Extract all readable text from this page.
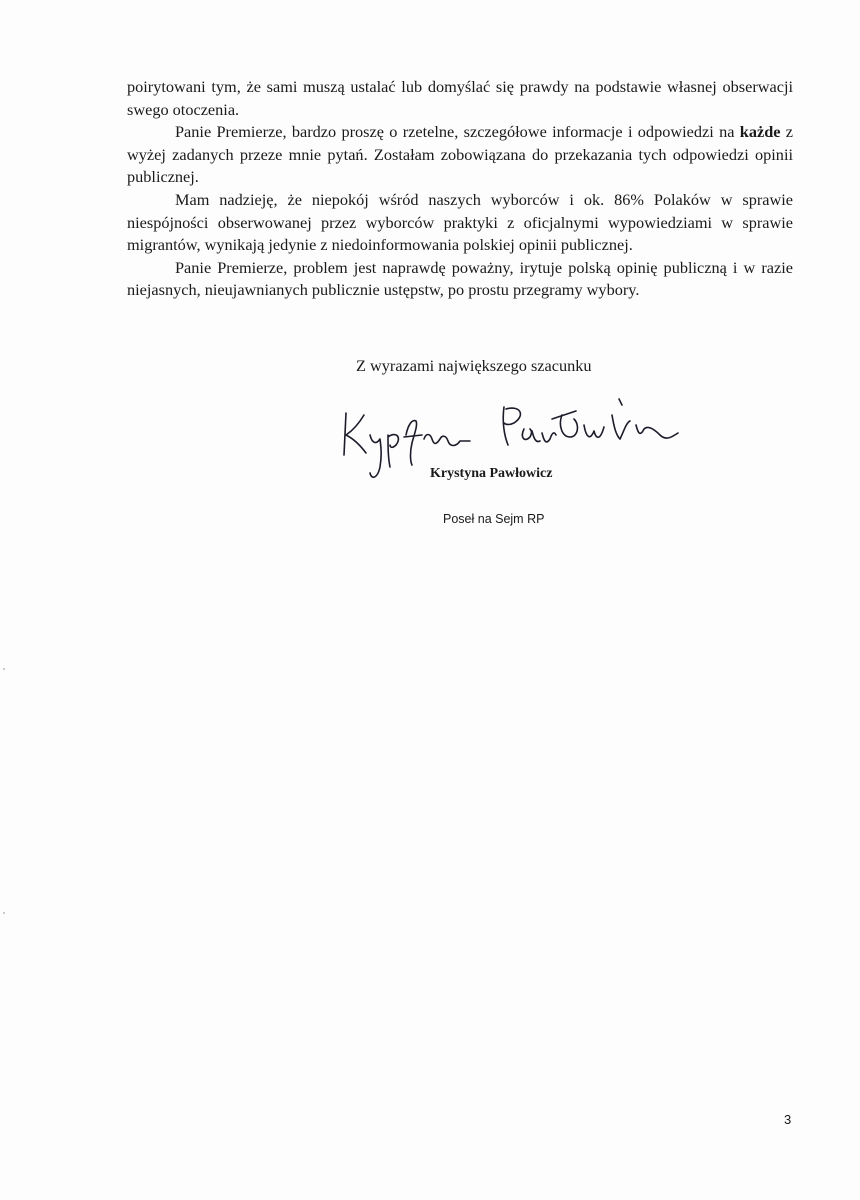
poirytowani tym, że sami muszą ustalać lub domyślać się prawdy na podstawie własnej obserwacji swego otoczenia.

Panie Premierze, bardzo proszę o rzetelne, szczegółowe informacje i odpowiedzi na każde z wyżej zadanych przeze mnie pytań. Zostałam zobowiązana do przekazania tych odpowiedzi opinii publicznej.

Mam nadzieję, że niepokój wśród naszych wyborców i ok. 86% Polaków w sprawie niespójności obserwowanej przez wyborców praktyki z oficjalnymi wypowiedziami w sprawie migrantów, wynikają jedynie z niedoinformowania polskiej opinii publicznej.

Panie Premierze, problem jest naprawdę poważny, irytuje polską opinię publiczną i w razie niejasnych, nieujawnianych publicznie ustępstw, po prostu przegramy wybory.

Z wyrazami największego szacunku
Krystyna Pawłowicz
Poseł na Sejm RP
3
